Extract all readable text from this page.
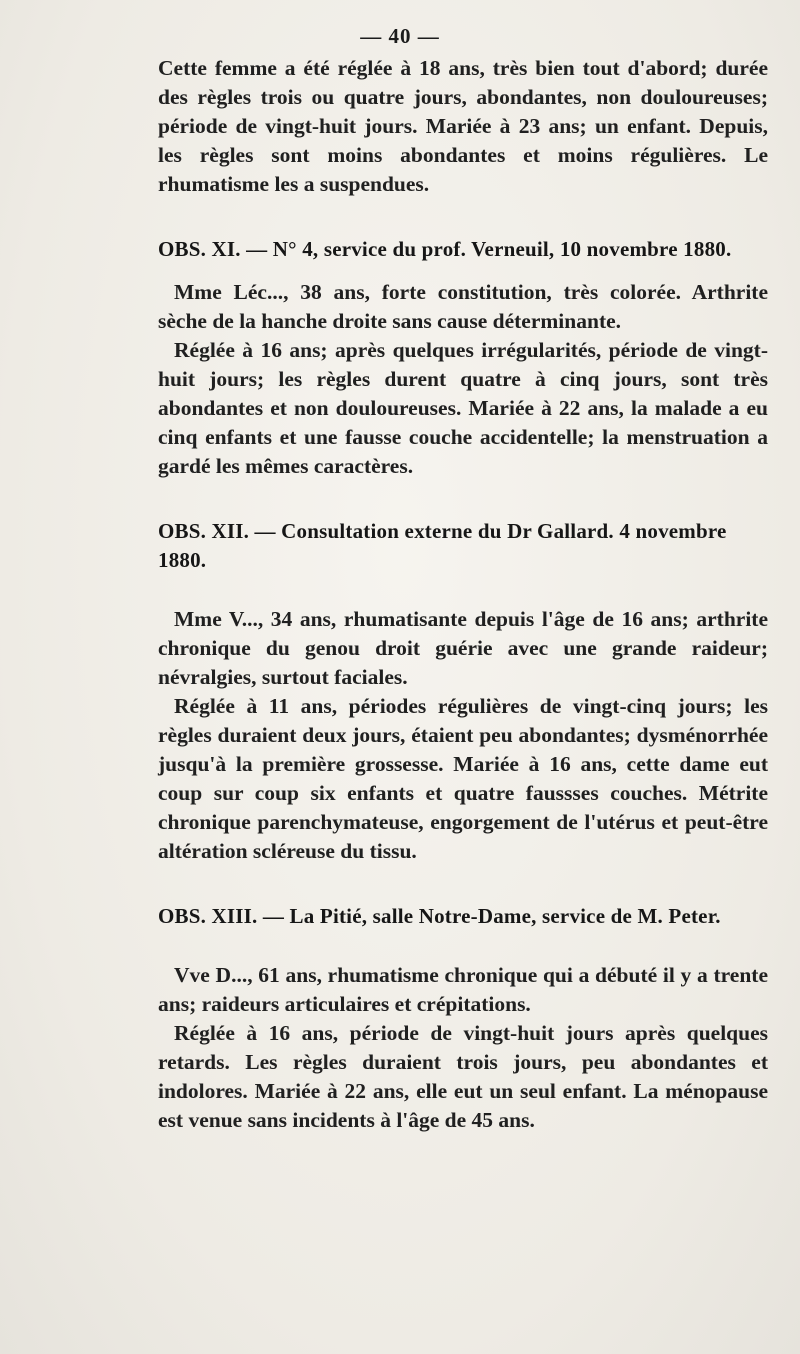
— 40 —

Cette femme a été réglée à 18 ans, très bien tout d'abord; durée des règles trois ou quatre jours, abondantes, non douloureuses; période de vingt-huit jours. Mariée à 23 ans; un enfant. Depuis, les règles sont moins abondantes et moins régulières. Le rhumatisme les a suspendues.

OBS. XI. — N° 4, service du prof. Verneuil, 10 novembre 1880.

Mme Léc..., 38 ans, forte constitution, très colorée. Arthrite sèche de la hanche droite sans cause déterminante.

Réglée à 16 ans; après quelques irrégularités, période de vingt-huit jours; les règles durent quatre à cinq jours, sont très abondantes et non douloureuses. Mariée à 22 ans, la malade a eu cinq enfants et une fausse couche accidentelle; la menstruation a gardé les mêmes caractères.

OBS. XII. — Consultation externe du Dr Gallard. 4 novembre 1880.

Mme V..., 34 ans, rhumatisante depuis l'âge de 16 ans; arthrite chronique du genou droit guérie avec une grande raideur; névralgies, surtout faciales.

Réglée à 11 ans, périodes régulières de vingt-cinq jours; les règles duraient deux jours, étaient peu abondantes; dysménorrhée jusqu'à la première grossesse. Mariée à 16 ans, cette dame eut coup sur coup six enfants et quatre faussses couches. Métrite chronique parenchymateuse, engorgement de l'utérus et peut-être altération scléreuse du tissu.

OBS. XIII. — La Pitié, salle Notre-Dame, service de M. Peter.

Vve D..., 61 ans, rhumatisme chronique qui a débuté il y a trente ans; raideurs articulaires et crépitations.

Réglée à 16 ans, période de vingt-huit jours après quelques retards. Les règles duraient trois jours, peu abondantes et indolores. Mariée à 22 ans, elle eut un seul enfant. La ménopause est venue sans incidents à l'âge de 45 ans.
